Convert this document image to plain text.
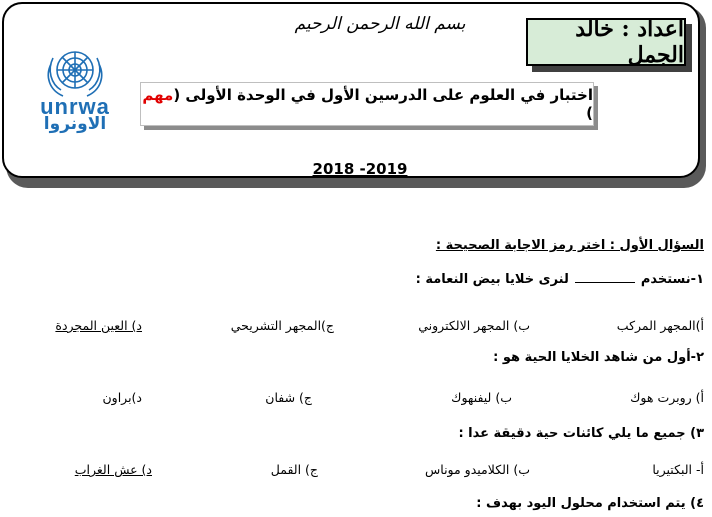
بسم الله الرحمن الرحيم	اعداد : خالد الجمل
اختبار في العلوم على الدرسين الأول في الوحدة الأولى (مهم )
2018 -2019
unrwa
الاونروا
السؤال الأول : اختر رمز الاجابة الصحيحة :
١-نستخدملنرى خلايا بيض النعامة :
أ)المجهر المركب
ب) المجهر الالكتروني
ج)المجهر التشريحي
د) العين المجردة
٢-أول من شاهد الخلايا الحية هو :
أ) روبرت هوك
ب) ليفنهوك
ج) شفان
د)براون
٣) جميع ما يلي كائنات حية دقيقة عدا :
أ- البكتيريا
ب) الكلاميدو موناس
ج) القمل
د) عش الغراب
٤) يتم استخدام محلول اليود بهدف :
